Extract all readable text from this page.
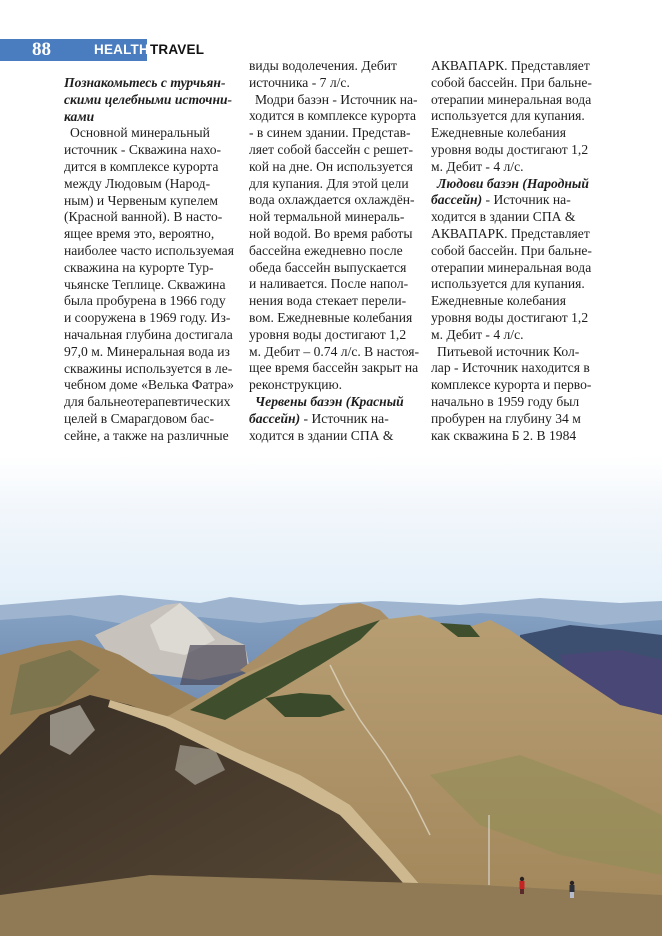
88	HEALTHTRAVEL
Познакомьтесь с турчьян-
скими целебными источни-
ками
Основной минеральный
источник - Скважина нахо-
дится в комплексе курорта
между Людовым (Народ-
ным) и Червеным купелем
(Красной ванной). В насто-
ящее время это, вероятно,
наиболее часто используемая
скважина на курорте Тур-
чьянске Теплице. Скважина
была пробурена в 1966 году
и сооружена в 1969 году. Из-
начальная глубина достигала
97,0 м. Минеральная вода из
скважины используется в ле-
чебном доме «Велька Фатра»
для бальнеотерапевтических
целей в Смарагдовом бас-
сейне, а также на различные
виды водолечения. Дебит
источника - 7 л/с.
Модри базэн - Источник на-
ходится в комплексе курорта
- в синем здании. Представ-
ляет собой бассейн с решет-
кой на дне. Он используется
для купания. Для этой цели
вода охлаждается охлаждён-
ной термальной минераль-
ной водой. Во время работы
бассейна ежедневно после
обеда бассейн выпускается
и наливается. После напол-
нения вода стекает перели-
вом. Ежедневные колебания
уровня воды достигают 1,2
м. Дебит – 0.74 л/с. В настоя-
щее время бассейн закрыт на
реконструкцию.
Червены базэн (Красный
бассейн) - Источник на-
ходится в здании СПА &
АКВАПАРК. Представляет
собой бассейн. При бальне-
отерапии минеральная вода
используется для купания.
Ежедневные колебания
уровня воды достигают 1,2
м. Дебит - 4 л/с.
Людови базэн (Народный
бассейн) - Источник на-
ходится в здании СПА &
АКВАПАРК. Представляет
собой бассейн. При бальне-
отерапии минеральная вода
используется для купания.
Ежедневные колебания
уровня воды достигают 1,2
м. Дебит - 4 л/с.
Питьевой источник Кол-
лар - Источник находится в
комплексе курорта и перво-
начально в 1959 году был
пробурен на глубину 34 м
как скважина Б 2. В 1984
